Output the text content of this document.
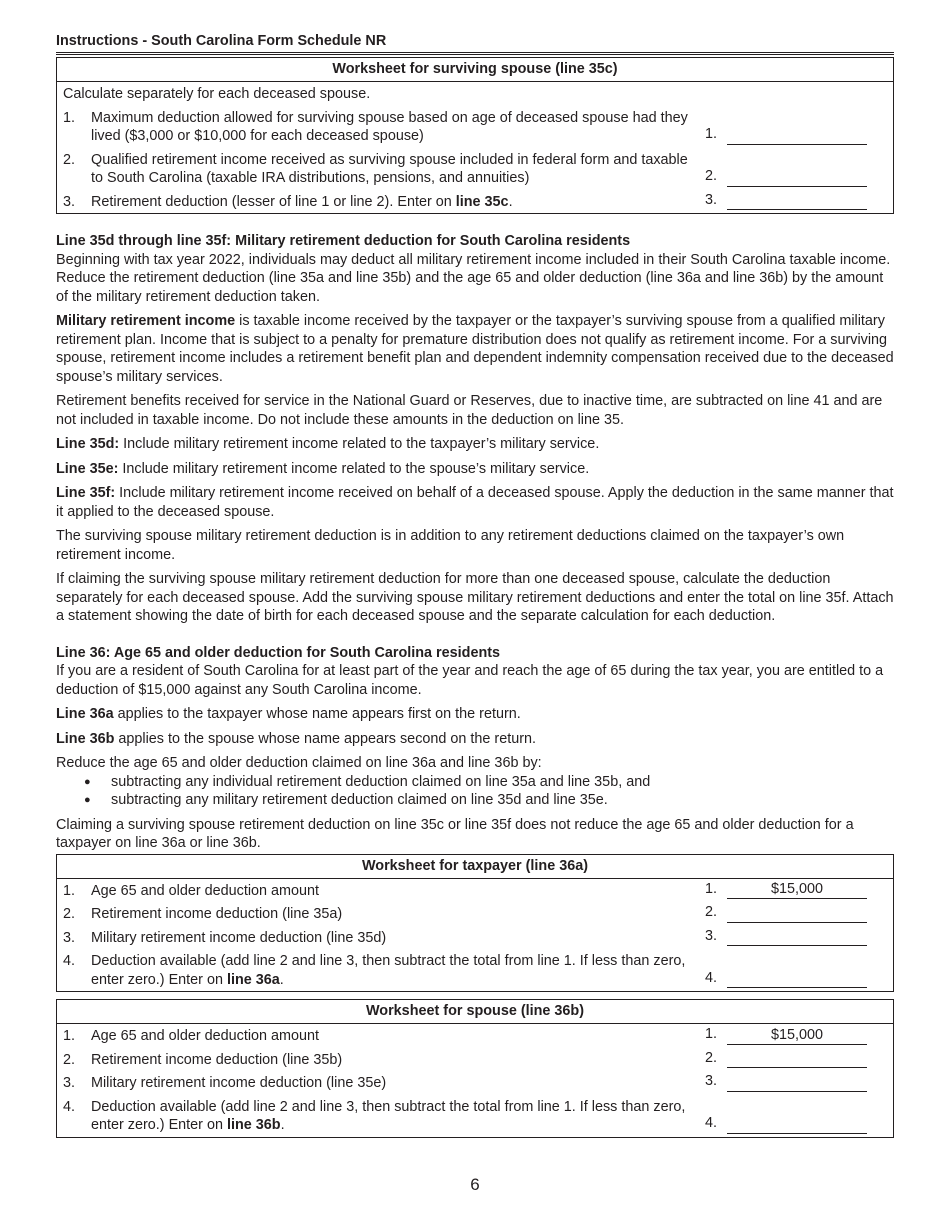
Instructions - South Carolina Form Schedule NR
Worksheet for surviving spouse (line 35c)
Calculate separately for each deceased spouse.
1.	Maximum deduction allowed for surviving spouse based on age of deceased spouse had they lived ($3,000 or $10,000 for each deceased spouse)	1.
2.	Qualified retirement income received as surviving spouse included in federal form and taxable to South Carolina (taxable IRA distributions, pensions, and annuities)	2.
3.	Retirement deduction (lesser of line 1 or line 2). Enter on line 35c.	3.
Line 35d through line 35f: Military retirement deduction for South Carolina residents

Beginning with tax year 2022, individuals may deduct all military retirement income included in their South Carolina taxable income. Reduce the retirement deduction (line 35a and line 35b) and the age 65 and older deduction (line 36a and line 36b) by the amount of the military retirement deduction taken.

Military retirement income is taxable income received by the taxpayer or the taxpayer’s surviving spouse from a qualified military retirement plan. Income that is subject to a penalty for premature distribution does not qualify as retirement income. For a surviving spouse, retirement income includes a retirement benefit plan and dependent indemnity compensation received due to the deceased spouse’s military services.

Retirement benefits received for service in the National Guard or Reserves, due to inactive time, are subtracted on line 41 and are not included in taxable income. Do not include these amounts in the deduction on line 35.

Line 35d: Include military retirement income related to the taxpayer’s military service.

Line 35e: Include military retirement income related to the spouse’s military service.

Line 35f: Include military retirement income received on behalf of a deceased spouse. Apply the deduction in the same manner that it applied to the deceased spouse.

The surviving spouse military retirement deduction is in addition to any retirement deductions claimed on the taxpayer’s own retirement income.

If claiming the surviving spouse military retirement deduction for more than one deceased spouse, calculate the deduction separately for each deceased spouse. Add the surviving spouse military retirement deductions and enter the total on line 35f. Attach a statement showing the date of birth for each deceased spouse and the separate calculation for each deduction.

Line 36: Age 65 and older deduction for South Carolina residents

If you are a resident of South Carolina for at least part of the year and reach the age of 65 during the tax year, you are entitled to a deduction of $15,000 against any South Carolina income.

Line 36a applies to the taxpayer whose name appears first on the return.

Line 36b applies to the spouse whose name appears second on the return.

Reduce the age 65 and older deduction claimed on line 36a and line 36b by:

● subtracting any individual retirement deduction claimed on line 35a and line 35b, and
● subtracting any military retirement deduction claimed on line 35d and line 35e.

Claiming a surviving spouse retirement deduction on line 35c or line 35f does not reduce the age 65 and older deduction for a taxpayer on line 36a or line 36b.

Worksheet for taxpayer (line 36a)
1.	Age 65 and older deduction amount	1.	$15,000
2.	Retirement income deduction (line 35a)	2.
3.	Military retirement income deduction (line 35d)	3.
4.	Deduction available (add line 2 and line 3, then subtract the total from line 1. If less than zero, enter zero.) Enter on line 36a.	4.
Worksheet for spouse (line 36b)
1.	Age 65 and older deduction amount	1.	$15,000
2.	Retirement income deduction (line 35b)	2.
3.	Military retirement income deduction (line 35e)	3.
4.	Deduction available (add line 2 and line 3, then subtract the total from line 1. If less than zero, enter zero.) Enter on line 36b.	4.
6
